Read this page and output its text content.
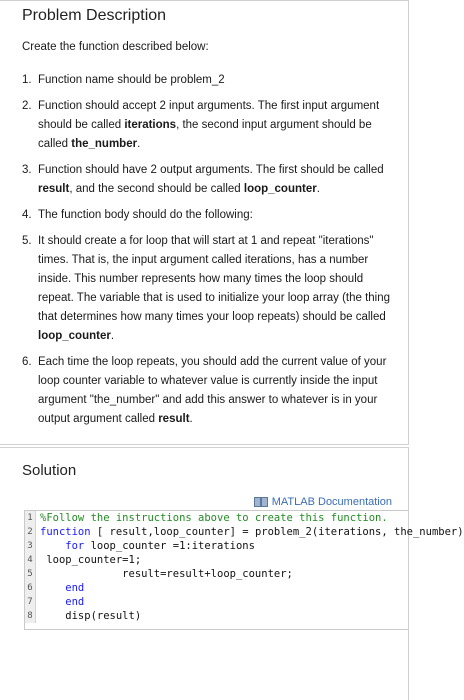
Problem Description
Create the function described below:
1. Function name should be problem_2
2. Function should accept 2 input arguments. The first input argument should be called iterations, the second input argument should be called the_number.
3. Function should have 2 output arguments. The first should be called result, and the second should be called loop_counter.
4. The function body should do the following:
5. It should create a for loop that will start at 1 and repeat "iterations" times. That is, the input argument called iterations, has a number inside. This number represents how many times the loop should repeat. The variable that is used to initialize your loop array (the thing that determines how many times your loop repeats) should be called loop_counter.
6. Each time the loop repeats, you should add the current value of your loop counter variable to whatever value is currently inside the input argument "the_number" and add this answer to whatever is in your output argument called result.
Solution
MATLAB Documentation

1

%Follow the instructions above to create this function.

2

function [ result,loop_counter] = problem_2(iterations, the_number)

3

for loop_counter =1:iterations

4

loop_counter=1;

5

result=result+loop_counter;

6

end

7

end

8

disp(result)
